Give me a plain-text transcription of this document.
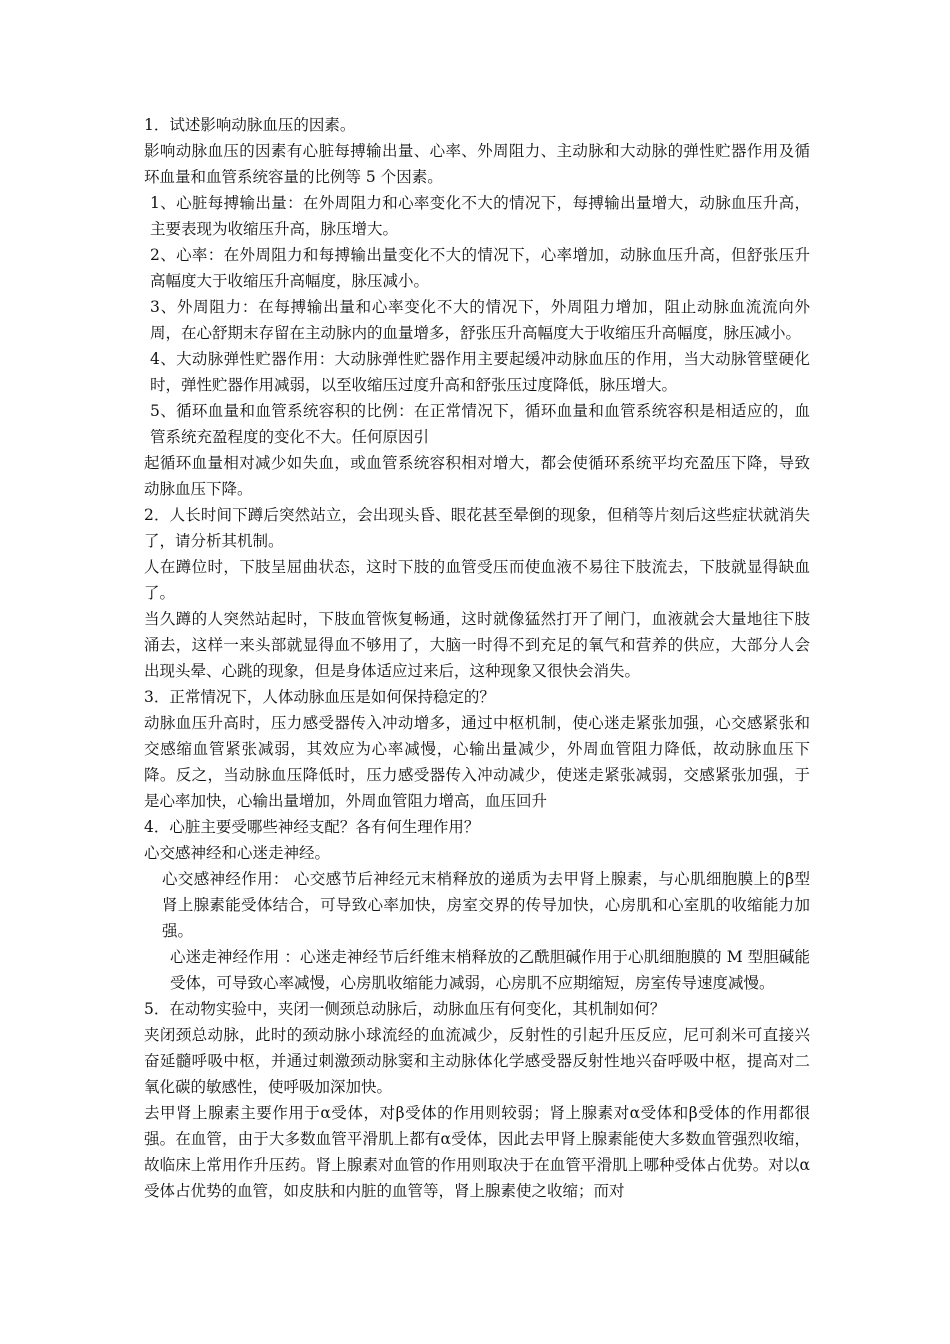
1．试述影响动脉血压的因素。

影响动脉血压的因素有心脏每搏输出量、心率、外周阻力、主动脉和大动脉的弹性贮器作用及循环血量和血管系统容量的比例等 5 个因素。

1、心脏每搏输出量：在外周阻力和心率变化不大的情况下，每搏输出量增大，动脉血压升高，主要表现为收缩压升高，脉压增大。

2、心率：在外周阻力和每搏输出量变化不大的情况下，心率增加，动脉血压升高，但舒张压升高幅度大于收缩压升高幅度，脉压减小。

3、外周阻力：在每搏输出量和心率变化不大的情况下，外周阻力增加，阻止动脉血流流向外周，在心舒期末存留在主动脉内的血量增多，舒张压升高幅度大于收缩压升高幅度，脉压减小。

4、大动脉弹性贮器作用：大动脉弹性贮器作用主要起缓冲动脉血压的作用，当大动脉管壁硬化时，弹性贮器作用减弱，以至收缩压过度升高和舒张压过度降低，脉压增大。

5、循环血量和血管系统容积的比例：在正常情况下，循环血量和血管系统容积是相适应的，血管系统充盈程度的变化不大。任何原因引

起循环血量相对减少如失血，或血管系统容积相对增大，都会使循环系统平均充盈压下降，导致动脉血压下降。

2．人长时间下蹲后突然站立，会出现头昏、眼花甚至晕倒的现象，但稍等片刻后这些症状就消失了，请分析其机制。

人在蹲位时，下肢呈屈曲状态，这时下肢的血管受压而使血液不易往下肢流去，下肢就显得缺血了。

当久蹲的人突然站起时，下肢血管恢复畅通，这时就像猛然打开了闸门，血液就会大量地往下肢涌去，这样一来头部就显得血不够用了，大脑一时得不到充足的氧气和营养的供应，大部分人会出现头晕、心跳的现象，但是身体适应过来后，这种现象又很快会消失。

3．正常情况下，人体动脉血压是如何保持稳定的？

动脉血压升高时，压力感受器传入冲动增多，通过中枢机制，使心迷走紧张加强，心交感紧张和交感缩血管紧张减弱，其效应为心率减慢，心输出量减少，外周血管阻力降低，故动脉血压下降。反之，当动脉血压降低时，压力感受器传入冲动减少，使迷走紧张减弱，交感紧张加强，于是心率加快，心输出量增加，外周血管阻力增高，血压回升

4．心脏主要受哪些神经支配？各有何生理作用？

心交感神经和心迷走神经。

心交感神经作用： 心交感节后神经元末梢释放的递质为去甲肾上腺素，与心肌细胞膜上的β型肾上腺素能受体结合，可导致心率加快，房室交界的传导加快，心房肌和心室肌的收缩能力加强。

心迷走神经作用 ：心迷走神经节后纤维末梢释放的乙酰胆碱作用于心肌细胞膜的 M 型胆碱能受体，可导致心率减慢，心房肌收缩能力减弱，心房肌不应期缩短，房室传导速度减慢。

5．在动物实验中，夹闭一侧颈总动脉后，动脉血压有何变化，其机制如何？

夹闭颈总动脉，此时的颈动脉小球流经的血流减少，反射性的引起升压反应，尼可刹米可直接兴奋延髓呼吸中枢，并通过刺激颈动脉窦和主动脉体化学感受器反射性地兴奋呼吸中枢，提高对二氧化碳的敏感性，使呼吸加深加快。

去甲肾上腺素主要作用于α受体，对β受体的作用则较弱；肾上腺素对α受体和β受体的作用都很强。在血管，由于大多数血管平滑肌上都有α受体，因此去甲肾上腺素能使大多数血管强烈收缩，故临床上常用作升压药。肾上腺素对血管的作用则取决于在血管平滑肌上哪种受体占优势。对以α受体占优势的血管，如皮肤和内脏的血管等，肾上腺素使之收缩；而对
